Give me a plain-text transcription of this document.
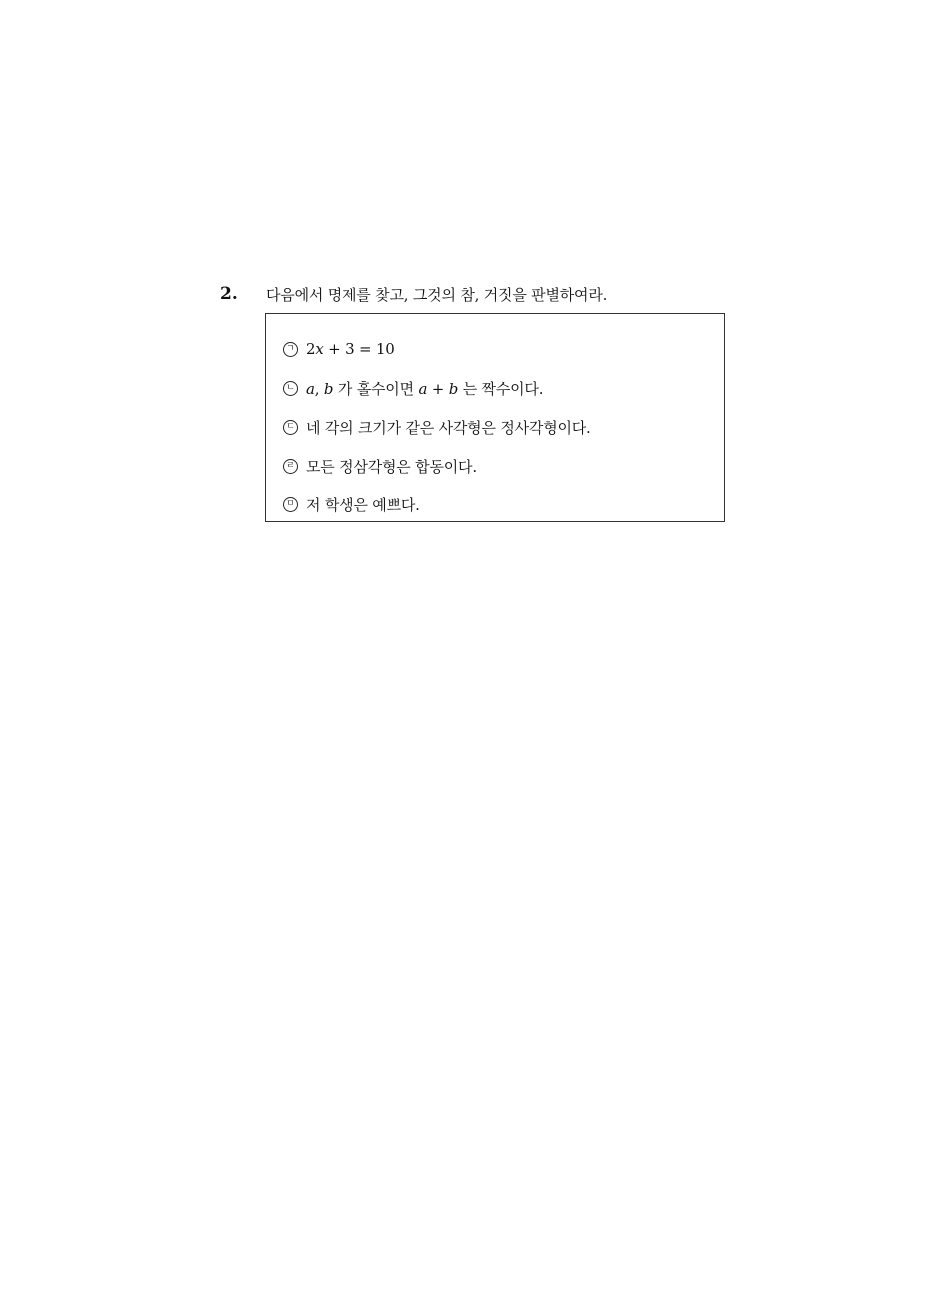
2. 다음에서 명제를 찾고, 그것의 참, 거짓을 판별하여라.
ㄱ 2x + 3 = 10
ㄴ a, b 가 홀수이면 a + b 는 짝수이다.
ㄷ 네 각의 크기가 같은 사각형은 정사각형이다.
ㄹ 모든 정삼각형은 합동이다.
ㅁ 저 학생은 예쁘다.
